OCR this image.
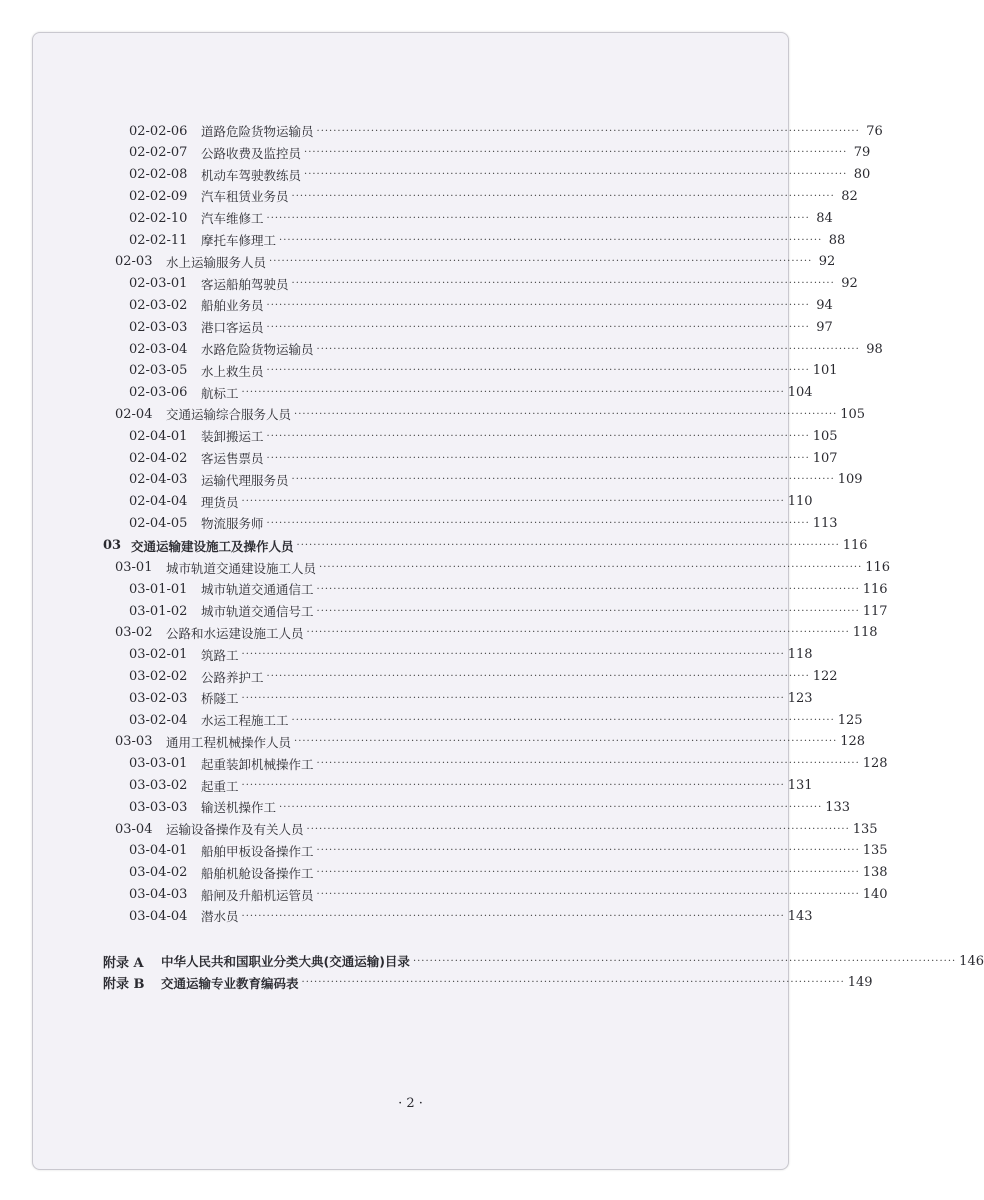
02-02-06 道路危险货物运输员 ·································································································································· 76
02-02-07 公路收费及监控员 ·································································································································· 79
02-02-08 机动车驾驶教练员 ·································································································································· 80
02-02-09 汽车租赁业务员 ·································································································································· 82
02-02-10 汽车维修工 ·································································································································· 84
02-02-11 摩托车修理工 ·································································································································· 88
02-03 水上运输服务人员 ·································································································································· 92
02-03-01 客运船舶驾驶员 ·································································································································· 92
02-03-02 船舶业务员 ·································································································································· 94
02-03-03 港口客运员 ·································································································································· 97
02-03-04 水路危险货物运输员 ·································································································································· 98
02-03-05 水上救生员 ·································································································································· 101
02-03-06 航标工 ·································································································································· 104
02-04 交通运输综合服务人员 ·································································································································· 105
02-04-01 装卸搬运工 ·································································································································· 105
02-04-02 客运售票员 ·································································································································· 107
02-04-03 运输代理服务员 ·································································································································· 109
02-04-04 理货员 ·································································································································· 110
02-04-05 物流服务师 ·································································································································· 113
03 交通运输建设施工及操作人员 ·································································································································· 116
03-01 城市轨道交通建设施工人员 ·································································································································· 116
03-01-01 城市轨道交通通信工 ·································································································································· 116
03-01-02 城市轨道交通信号工 ·································································································································· 117
03-02 公路和水运建设施工人员 ·································································································································· 118
03-02-01 筑路工 ·································································································································· 118
03-02-02 公路养护工 ·································································································································· 122
03-02-03 桥隧工 ·································································································································· 123
03-02-04 水运工程施工工 ·································································································································· 125
03-03 通用工程机械操作人员 ·································································································································· 128
03-03-01 起重装卸机械操作工 ·································································································································· 128
03-03-02 起重工 ·································································································································· 131
03-03-03 输送机操作工 ·································································································································· 133
03-04 运输设备操作及有关人员 ·································································································································· 135
03-04-01 船舶甲板设备操作工 ·································································································································· 135
03-04-02 船舶机舱设备操作工 ·································································································································· 138
03-04-03 船闸及升船机运管员 ·································································································································· 140
03-04-04 潜水员 ·································································································································· 143
附录 A 中华人民共和国职业分类大典(交通运输)目录 ·································································································································· 146
附录 B 交通运输专业教育编码表 ·································································································································· 149
· 2 ·
